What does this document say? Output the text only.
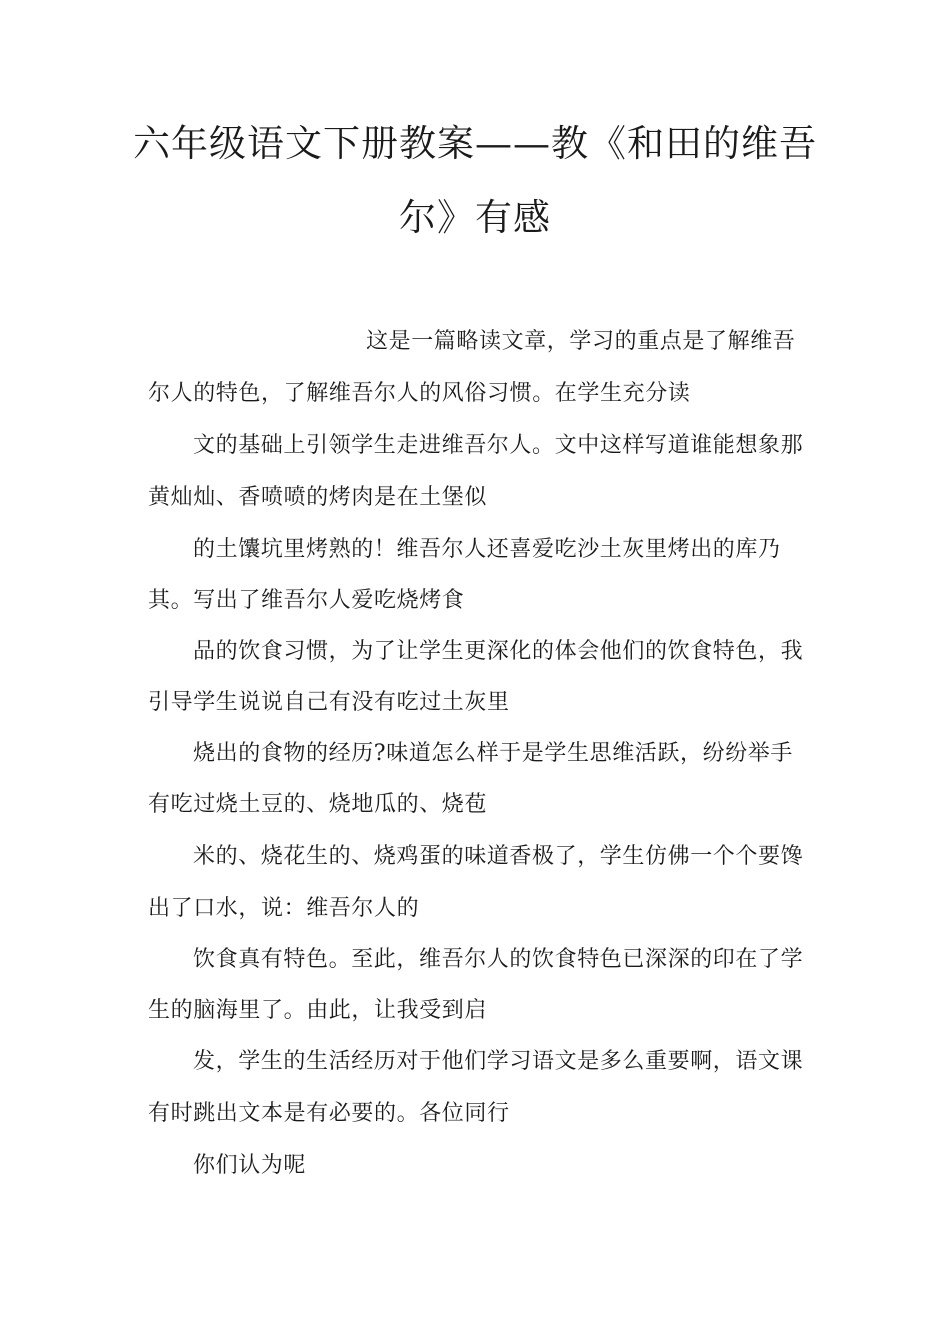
六年级语文下册教案——教《和田的维吾
尔》有感
这是一篇略读文章，学习的重点是了解维吾
尔人的特色，了解维吾尔人的风俗习惯。在学生充分读
文的基础上引领学生走进维吾尔人。文中这样写道谁能想象那
黄灿灿、香喷喷的烤肉是在土堡似
的土馕坑里烤熟的！维吾尔人还喜爱吃沙土灰里烤出的库乃
其。写出了维吾尔人爱吃烧烤食
品的饮食习惯，为了让学生更深化的体会他们的饮食特色，我
引导学生说说自己有没有吃过土灰里
烧出的食物的经历?味道怎么样于是学生思维活跃，纷纷举手
有吃过烧土豆的、烧地瓜的、烧苞
米的、烧花生的、烧鸡蛋的味道香极了，学生仿佛一个个要馋
出了口水，说：维吾尔人的
饮食真有特色。至此，维吾尔人的饮食特色已深深的印在了学
生的脑海里了。由此，让我受到启
发，学生的生活经历对于他们学习语文是多么重要啊，语文课
有时跳出文本是有必要的。各位同行
你们认为呢
